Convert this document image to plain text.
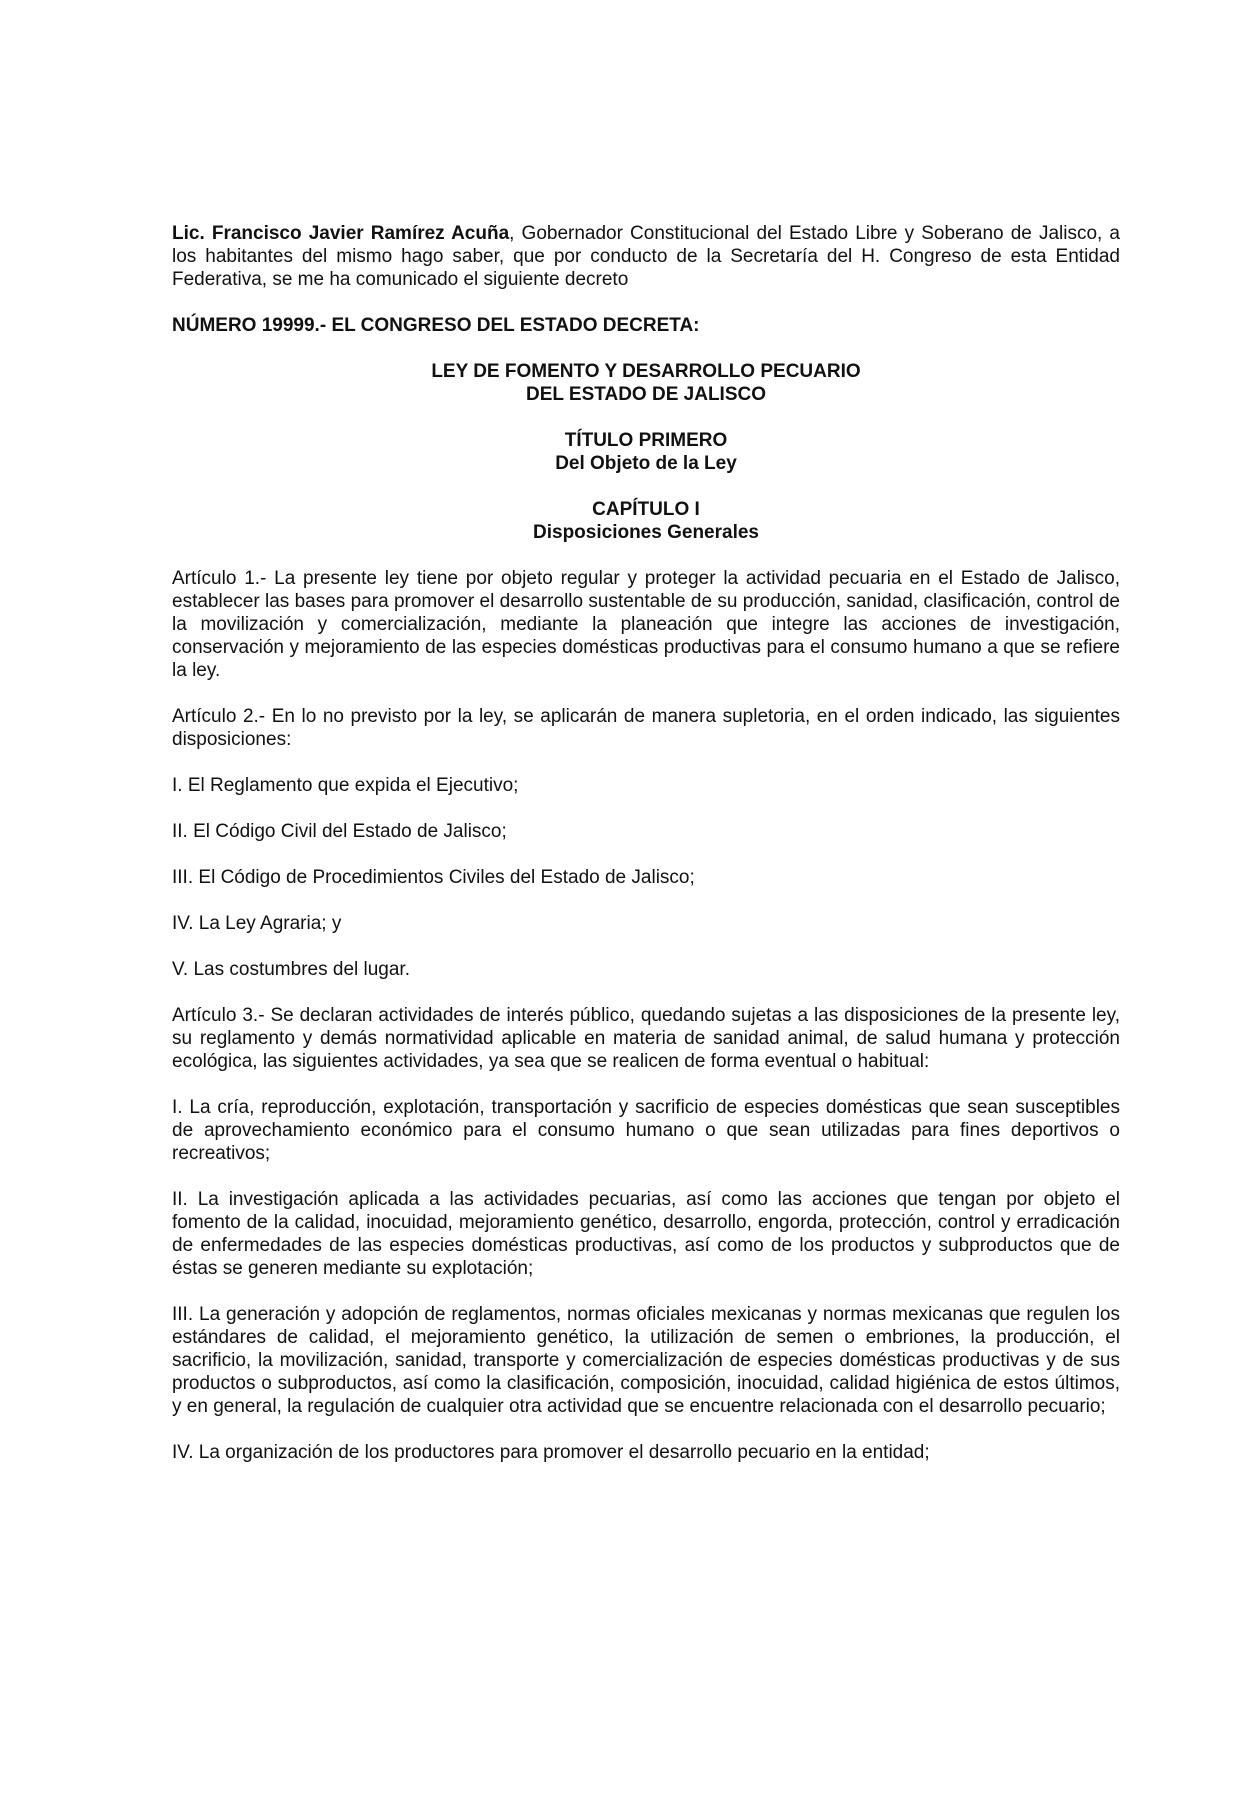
Lic. Francisco Javier Ramírez Acuña, Gobernador Constitucional del Estado Libre y Soberano de Jalisco, a los habitantes del mismo hago saber, que por conducto de la Secretaría del H. Congreso de esta Entidad Federativa, se me ha comunicado el siguiente decreto

NÚMERO 19999.- EL CONGRESO DEL ESTADO DECRETA:

LEY DE FOMENTO Y DESARROLLO PECUARIO
DEL ESTADO DE JALISCO
TÍTULO PRIMERO
Del Objeto de la Ley
CAPÍTULO I
Disposiciones Generales

Artículo 1.- La presente ley tiene por objeto regular y proteger la actividad pecuaria en el Estado de Jalisco, establecer las bases para promover el desarrollo sustentable de su producción, sanidad, clasificación, control de la movilización y comercialización, mediante la planeación que integre las acciones de investigación, conservación y mejoramiento de las especies domésticas productivas para el consumo humano a que se refiere la ley.

Artículo 2.- En lo no previsto por la ley, se aplicarán de manera supletoria, en el orden indicado, las siguientes disposiciones:

I. El Reglamento que expida el Ejecutivo;

II. El Código Civil del Estado de Jalisco;

III. El Código de Procedimientos Civiles del Estado de Jalisco;

IV. La Ley Agraria; y

V. Las costumbres del lugar.

Artículo 3.- Se declaran actividades de interés público, quedando sujetas a las disposiciones de la presente ley, su reglamento y demás normatividad aplicable en materia de sanidad animal, de salud humana y protección ecológica, las siguientes actividades, ya sea que se realicen de forma eventual o habitual:

I. La cría, reproducción, explotación, transportación y sacrificio de especies domésticas que sean susceptibles de aprovechamiento económico para el consumo humano o que sean utilizadas para fines deportivos o recreativos;

II. La investigación aplicada a las actividades pecuarias, así como las acciones que tengan por objeto el fomento de la calidad, inocuidad, mejoramiento genético, desarrollo, engorda, protección, control y erradicación de enfermedades de las especies domésticas productivas, así como de los productos y subproductos que de éstas se generen mediante su explotación;

III. La generación y adopción de reglamentos, normas oficiales mexicanas y normas mexicanas que regulen los estándares de calidad, el mejoramiento genético, la utilización de semen o embriones, la producción, el sacrificio, la movilización, sanidad, transporte y comercialización de especies domésticas productivas y de sus productos o subproductos, así como la clasificación, composición, inocuidad, calidad higiénica de estos últimos, y en general, la regulación de cualquier otra actividad que se encuentre relacionada con el desarrollo pecuario;

IV. La organización de los productores para promover el desarrollo pecuario en la entidad;
